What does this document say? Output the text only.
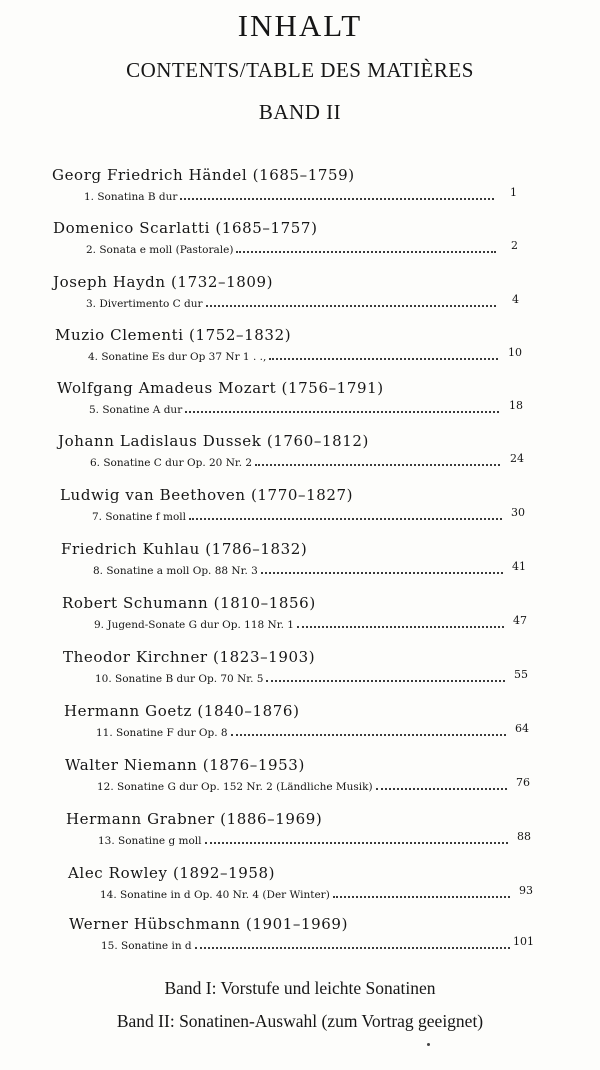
INHALT
CONTENTS/TABLE DES MATIÈRES
BAND II
Georg Friedrich Händel (1685–1759)
1. Sonatina B dur	1
Domenico Scarlatti (1685–1757)
2. Sonata e moll (Pastorale)	2
Joseph Haydn (1732–1809)
3. Divertimento C dur	4
Muzio Clementi (1752–1832)
4. Sonatine Es dur Op 37 Nr 1 . .,	10
Wolfgang Amadeus Mozart (1756–1791)
5. Sonatine A dur	18
Johann Ladislaus Dussek (1760–1812)
6. Sonatine C dur Op. 20 Nr. 2	24
Ludwig van Beethoven (1770–1827)
7. Sonatine f moll	30
Friedrich Kuhlau (1786–1832)
8. Sonatine a moll Op. 88 Nr. 3	41
Robert Schumann (1810–1856)
9. Jugend-Sonate G dur Op. 118 Nr. 1	47
Theodor Kirchner (1823–1903)
10. Sonatine B dur Op. 70 Nr. 5	55
Hermann Goetz (1840–1876)
11. Sonatine F dur Op. 8	64
Walter Niemann (1876–1953)
12. Sonatine G dur Op. 152 Nr. 2 (Ländliche Musik)	76
Hermann Grabner (1886–1969)
13. Sonatine g moll	88
Alec Rowley (1892–1958)
14. Sonatine in d Op. 40 Nr. 4 (Der Winter)	93
Werner Hübschmann (1901–1969)
15. Sonatine in d	101
Band I: Vorstufe und leichte Sonatinen
Band II: Sonatinen-Auswahl (zum Vortrag geeignet)
